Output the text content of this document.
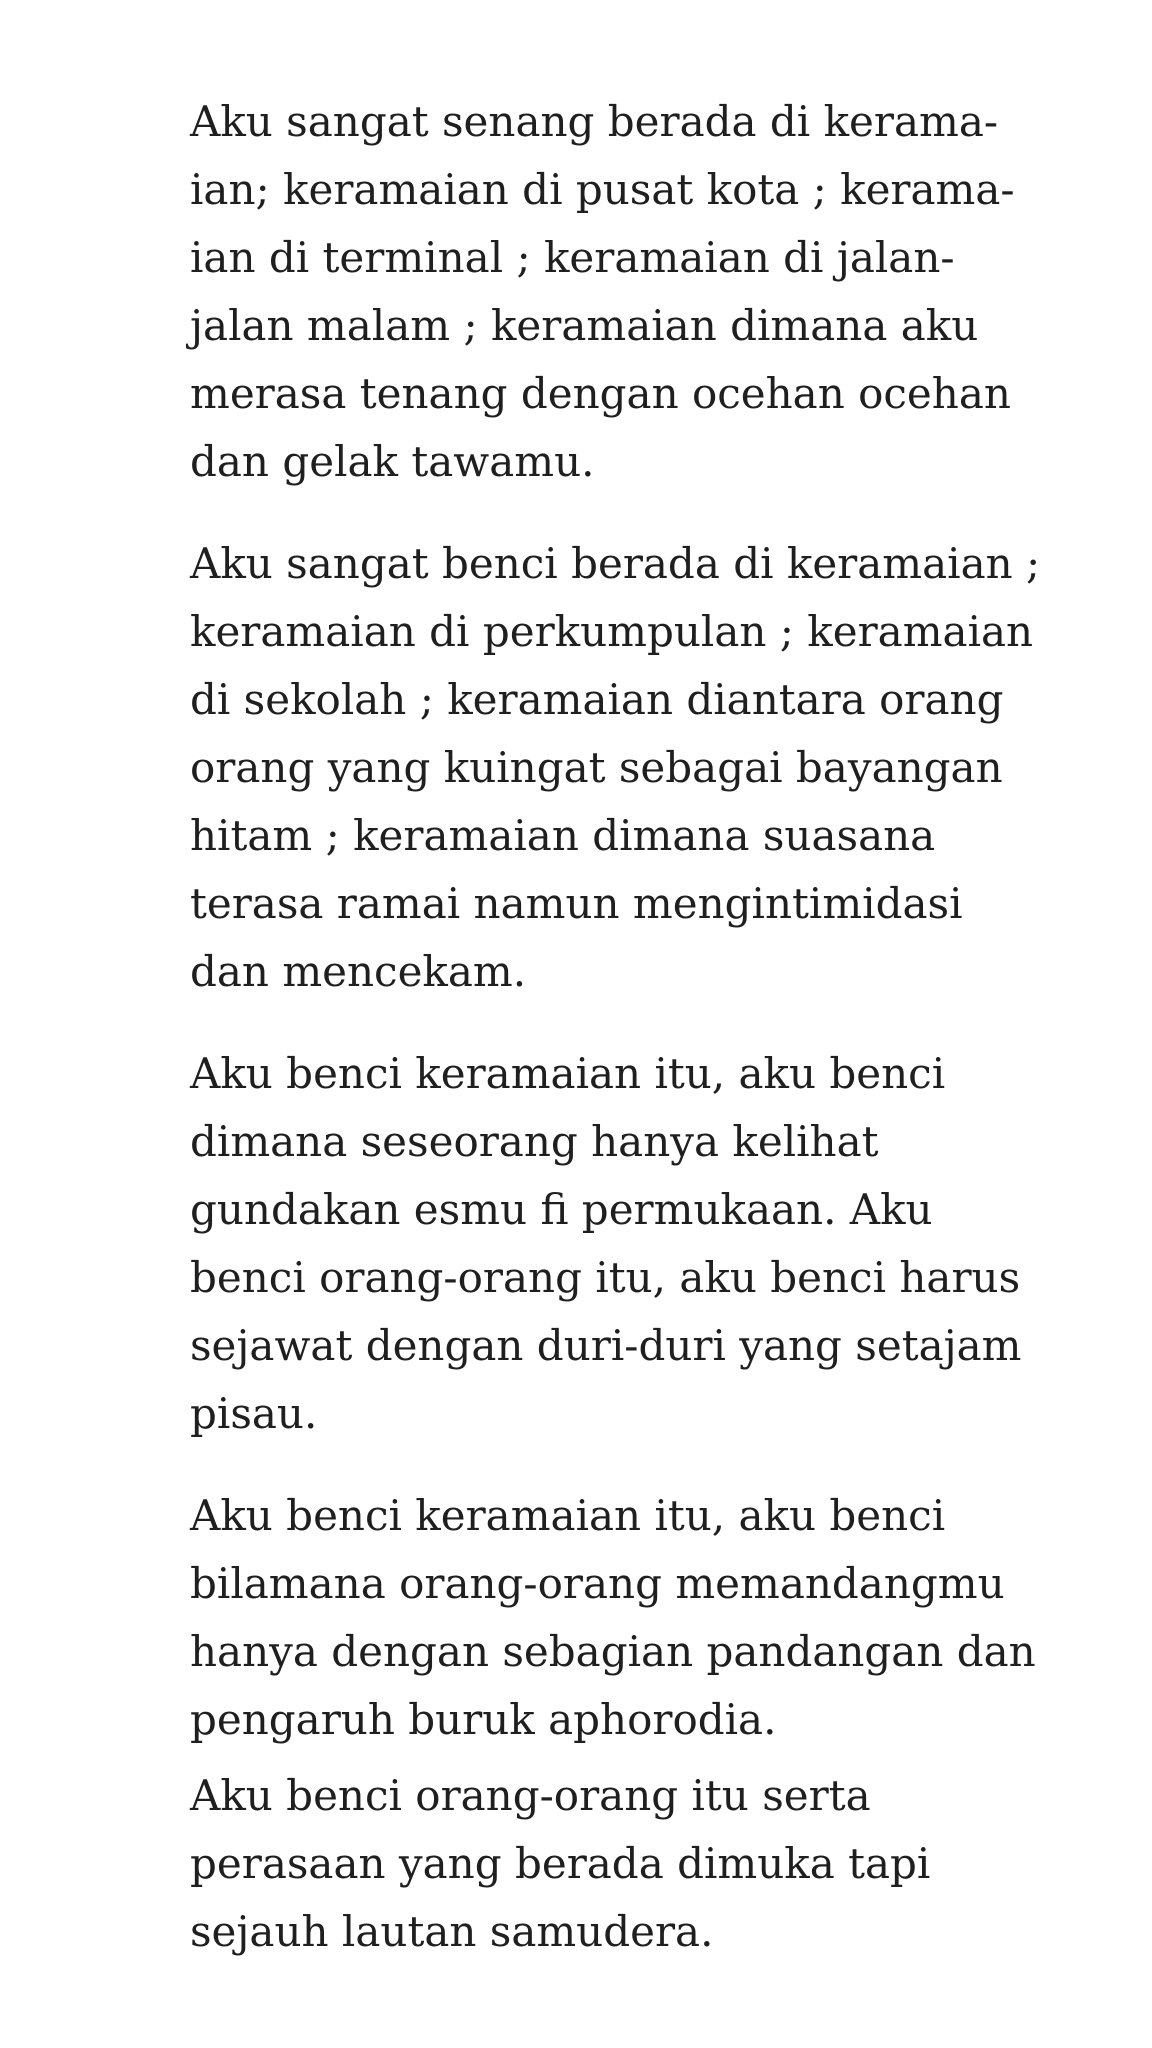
Aku sangat senang berada di kerama-
ian; keramaian di pusat kota ; kerama-
ian di terminal ; keramaian di jalan-
jalan malam ; keramaian dimana aku
merasa tenang dengan ocehan ocehan
dan gelak tawamu.

Aku sangat benci berada di keramaian ;
keramaian di perkumpulan ; keramaian
di sekolah ; keramaian diantara orang
orang yang kuingat sebagai bayangan
hitam ; keramaian dimana suasana
terasa ramai namun mengintimidasi
dan mencekam.

Aku benci keramaian itu, aku benci
dimana seseorang hanya kelihat
gundakan esmu fi permukaan. Aku
benci orang-orang itu, aku benci harus
sejawat dengan duri-duri yang setajam
pisau.

Aku benci keramaian itu, aku benci
bilamana orang-orang memandangmu
hanya dengan sebagian pandangan dan
pengaruh buruk aphorodia.

Aku benci orang-orang itu serta
perasaan yang berada dimuka tapi
sejauh lautan samudera.
